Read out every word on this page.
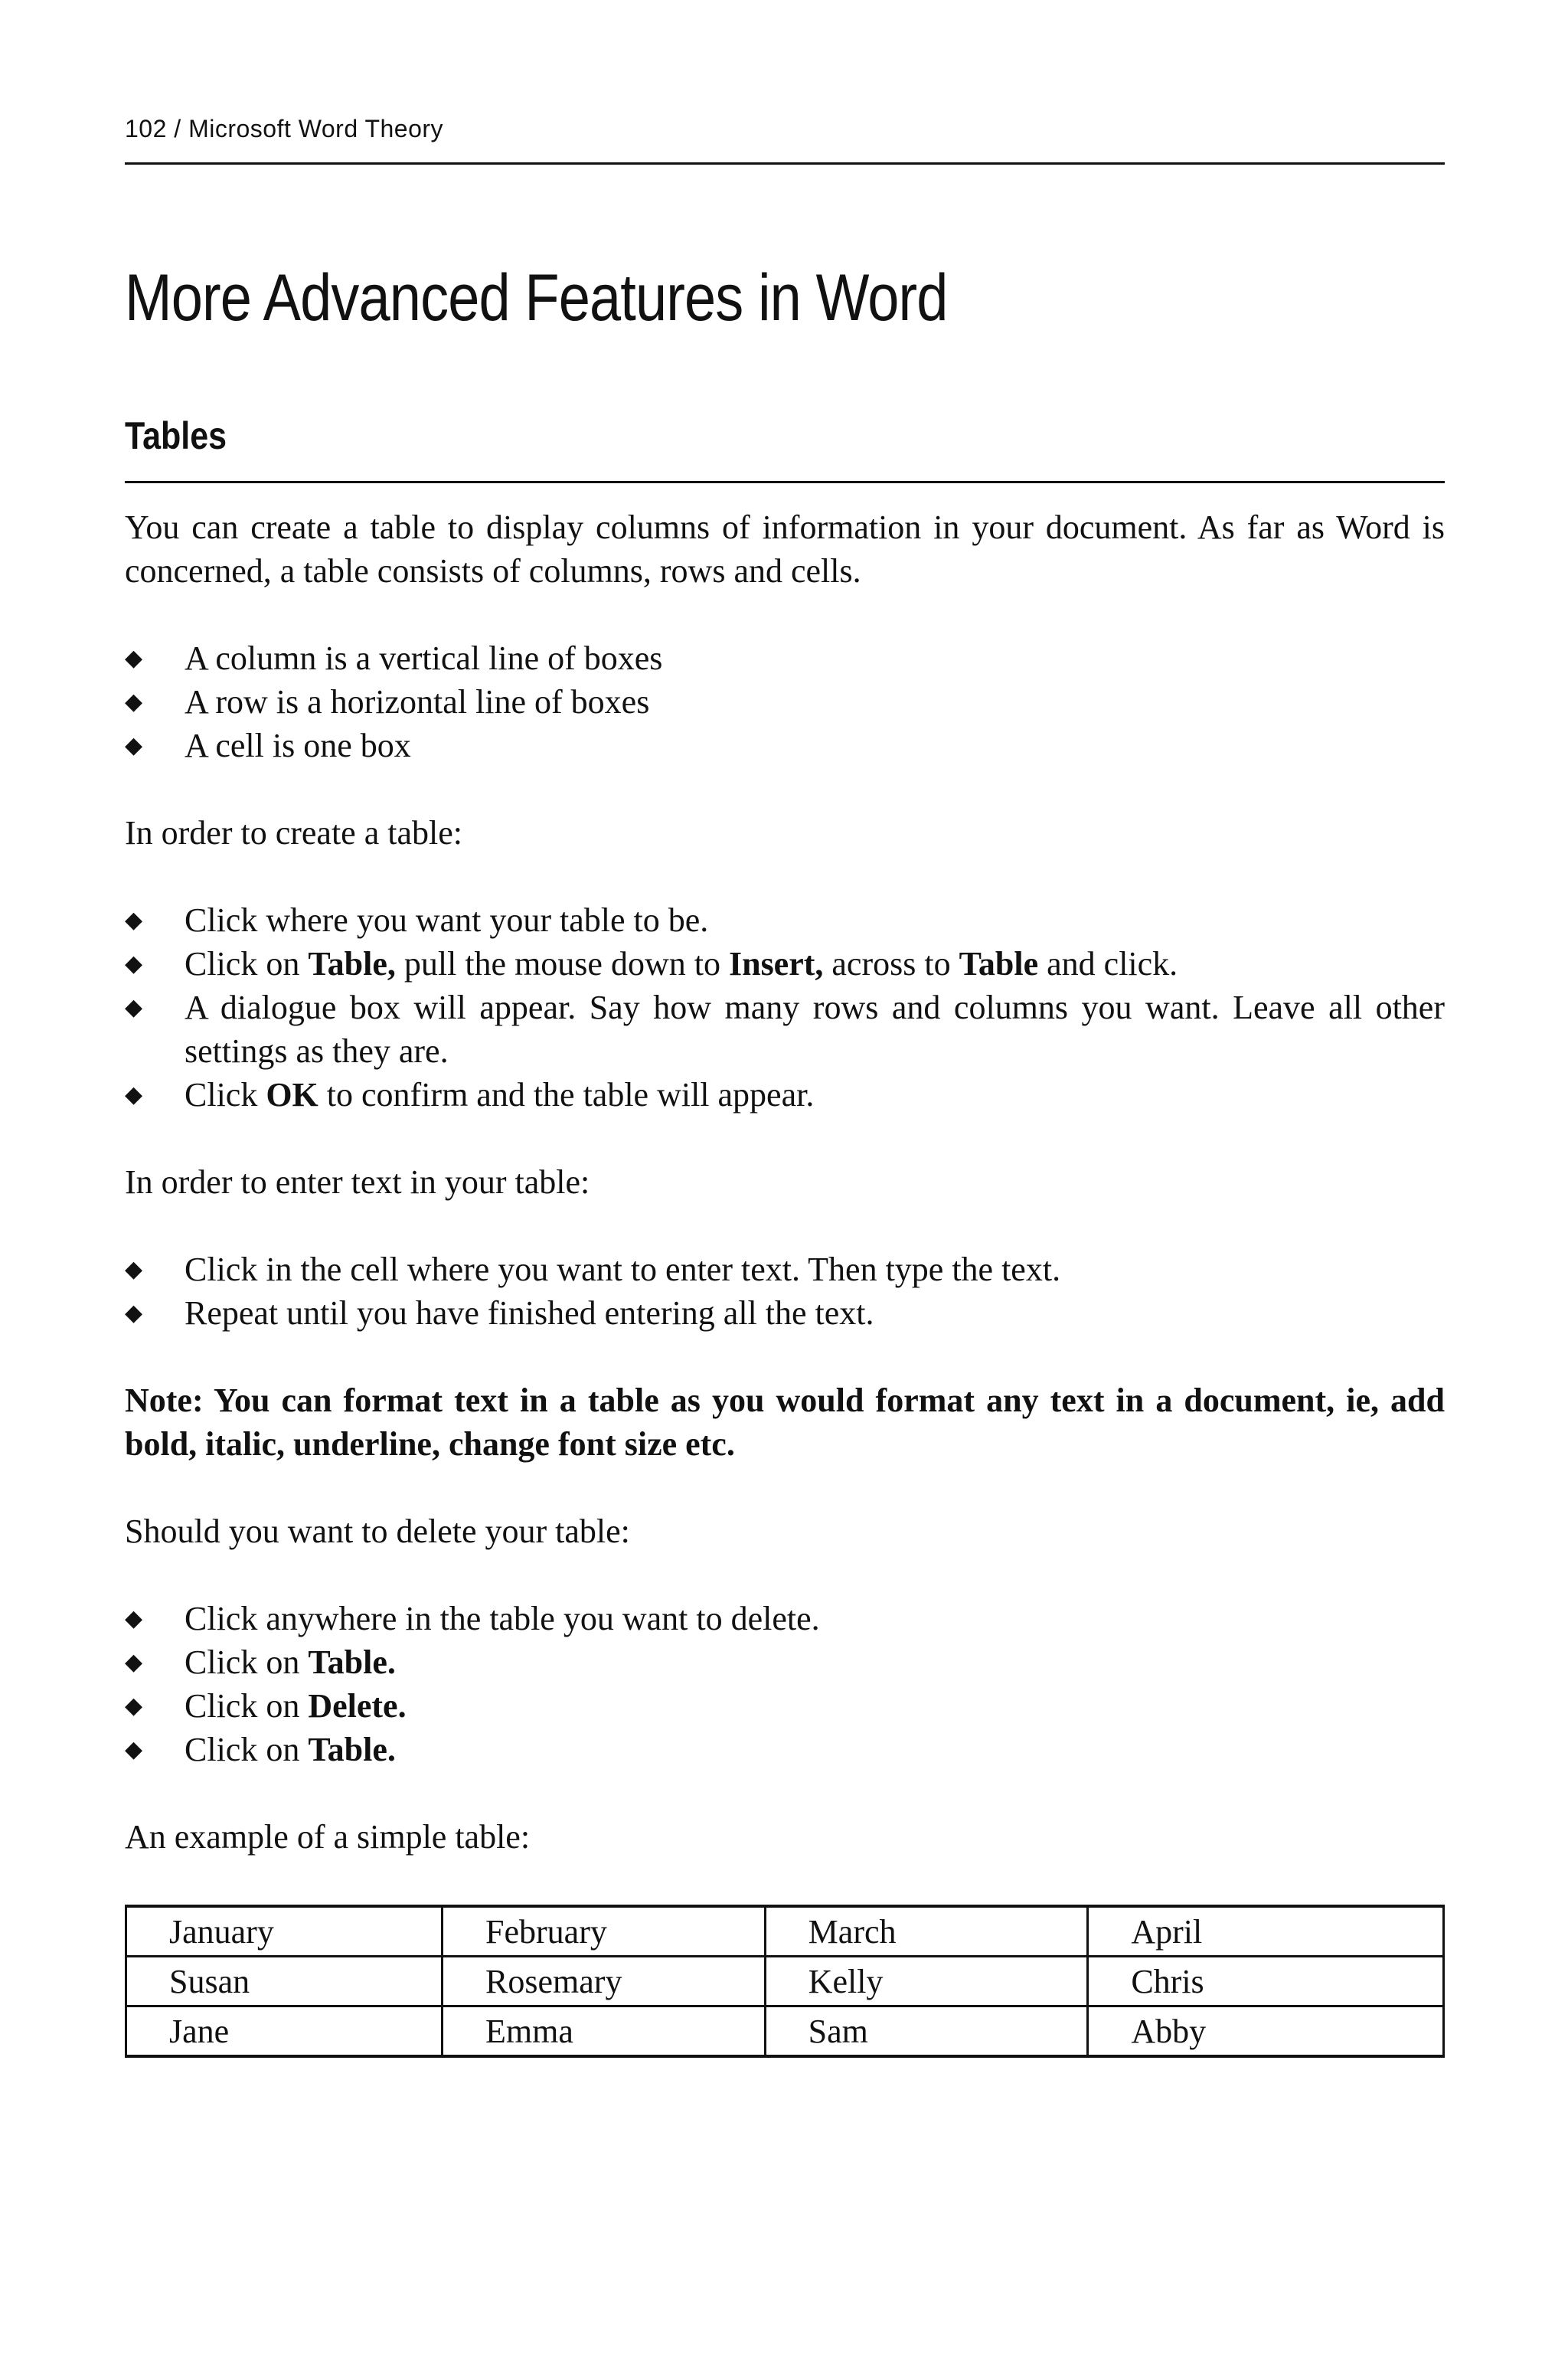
102 / Microsoft Word Theory
More Advanced Features in Word
Tables

You can create a table to display columns of information in your document. As far as Word is concerned, a table consists of columns, rows and cells.

◆ A column is a vertical line of boxes
◆ A row is a horizontal line of boxes
◆ A cell is one box

In order to create a table:

◆ Click where you want your table to be.
◆ Click on Table, pull the mouse down to Insert, across to Table and click.
◆ A dialogue box will appear. Say how many rows and columns you want. Leave all other settings as they are.
◆ Click OK to confirm and the table will appear.

In order to enter text in your table:

◆ Click in the cell where you want to enter text. Then type the text.
◆ Repeat until you have finished entering all the text.

Note: You can format text in a table as you would format any text in a document, ie, add bold, italic, underline, change font size etc.

Should you want to delete your table:

◆ Click anywhere in the table you want to delete.
◆ Click on Table.
◆ Click on Delete.
◆ Click on Table.

An example of a simple table:

January	February	March	April
Susan	Rosemary	Kelly	Chris
Jane	Emma	Sam	Abby
